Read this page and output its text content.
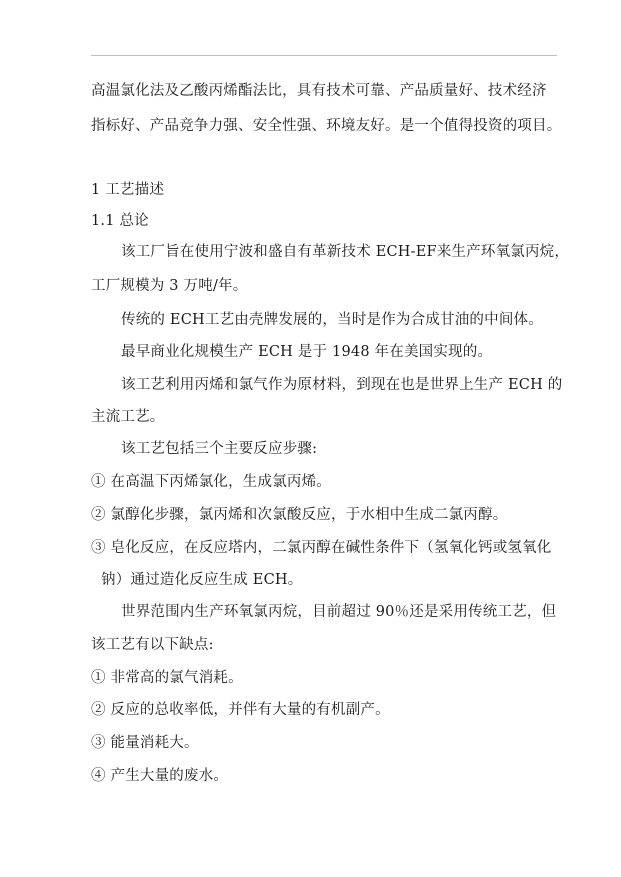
高温氯化法及乙酸丙烯酯法比，具有技术可靠、产品质量好、技术经济
指标好、产品竞争力强、安全性强、环境友好。是一个值得投资的项目。
1 工艺描述
1.1 总论
该工厂旨在使用宁波和盛自有革新技术 ECH-EF来生产环氧氯丙烷，
工厂规模为 3 万吨/年。
传统的 ECH工艺由壳牌发展的，当时是作为合成甘油的中间体。
最早商业化规模生产 ECH 是于 1948 年在美国实现的。
该工艺利用丙烯和氯气作为原材料，到现在也是世界上生产 ECH 的
主流工艺。
该工艺包括三个主要反应步骤:
① 在高温下丙烯氯化，生成氯丙烯。
② 氯醇化步骤，氯丙烯和次氯酸反应，于水相中生成二氯丙醇。
③ 皂化反应，在反应塔内，二氯丙醇在碱性条件下（氢氧化钙或氢氧化
钠）通过造化反应生成 ECH。
世界范围内生产环氧氯丙烷，目前超过 90％还是采用传统工艺，但
该工艺有以下缺点:
① 非常高的氯气消耗。
② 反应的总收率低，并伴有大量的有机副产。
③ 能量消耗大。
④ 产生大量的废水。
